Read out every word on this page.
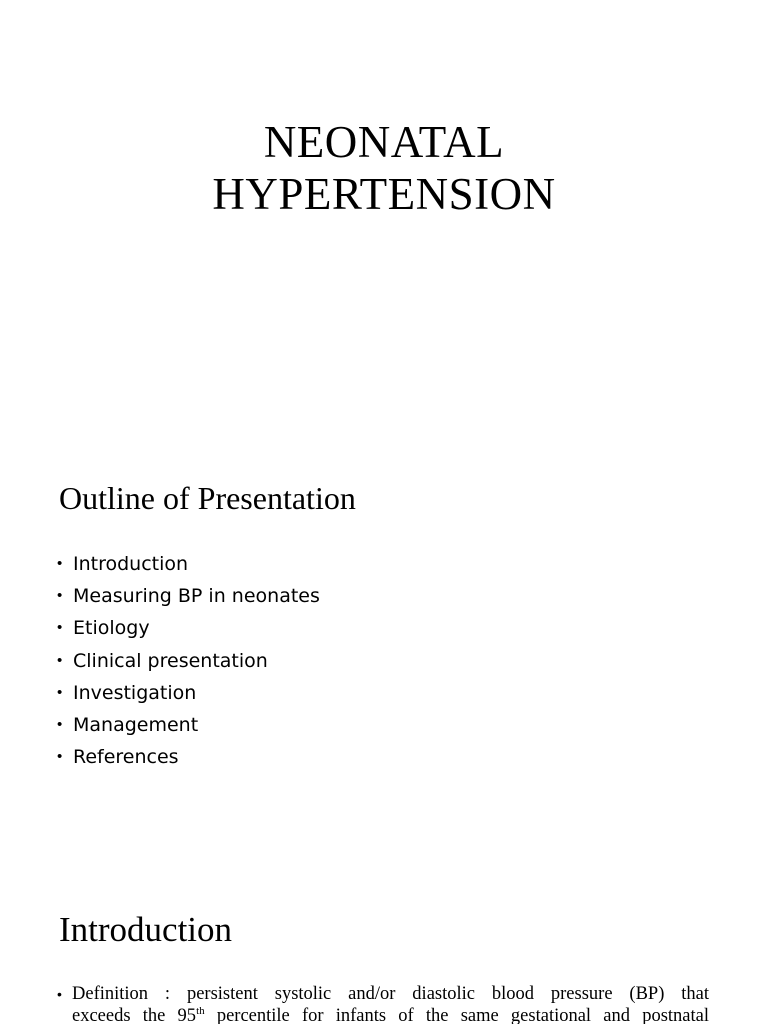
NEONATAL
HYPERTENSION
Outline of Presentation
• Introduction
• Measuring BP in neonates
• Etiology
• Clinical presentation
• Investigation
• Management
• References
Introduction
• Definition : persistent systolic and/or diastolic blood pressure (BP) that
exceeds the 95th percentile for infants of the same gestational and postnatal
